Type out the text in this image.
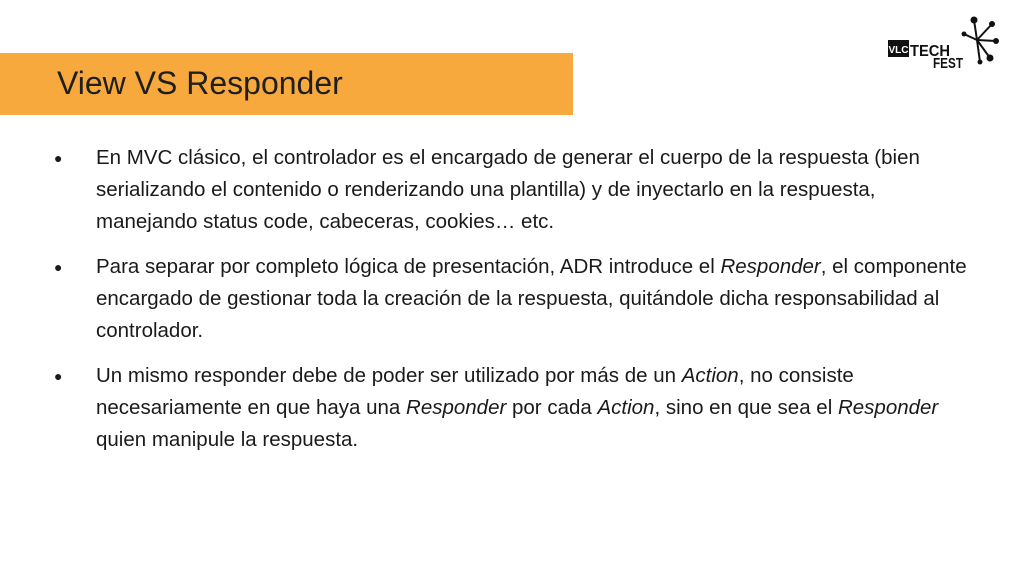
View VS Responder
VLC TECH
FEST
● En MVC clásico, el controlador es el encargado de generar el cuerpo de la respuesta (bien serializando el contenido o renderizando una plantilla) y de inyectarlo en la respuesta, manejando status code, cabeceras, cookies… etc.
● Para separar por completo lógica de presentación, ADR introduce el Responder, el componente encargado de gestionar toda la creación de la respuesta, quitándole dicha responsabilidad al controlador.
● Un mismo responder debe de poder ser utilizado por más de un Action, no consiste necesariamente en que haya una Responder por cada Action, sino en que sea el Responder quien manipule la respuesta.
